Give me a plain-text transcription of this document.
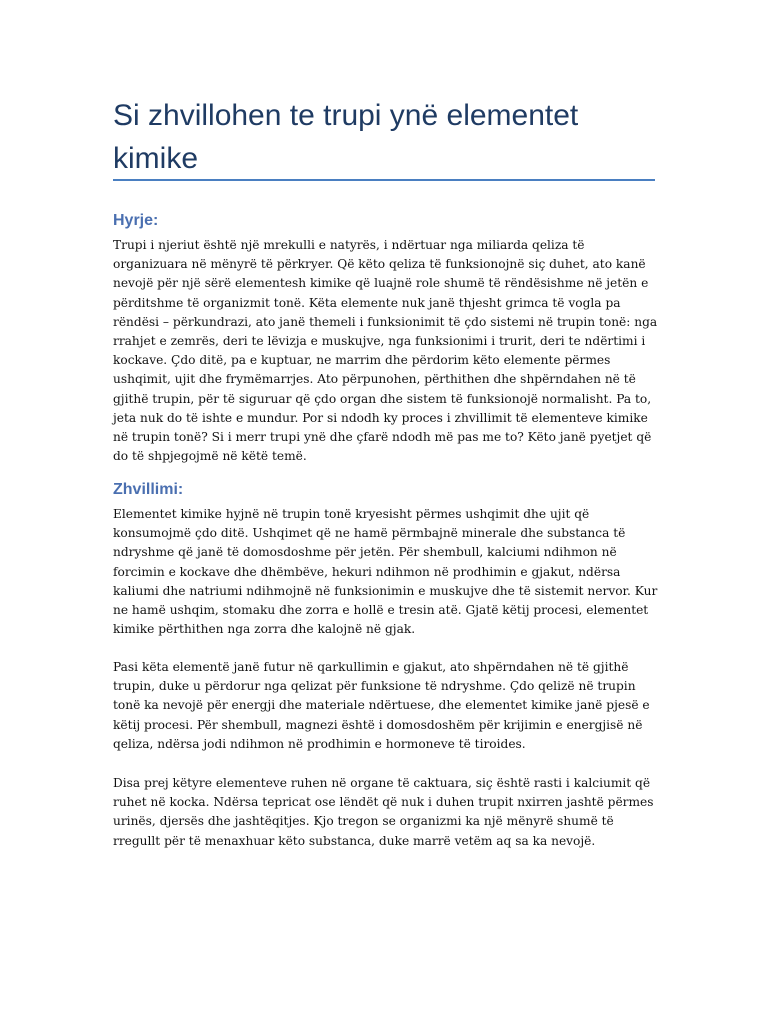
Si zhvillohen te trupi ynë elementet kimike
Hyrje:

Trupi i njeriut është një mrekulli e natyrës, i ndërtuar nga miliarda qeliza të organizuara në mënyrë të përkryer. Që këto qeliza të funksionojnë siç duhet, ato kanë nevojë për një sërë elementesh kimike që luajnë role shumë të rëndësishme në jetën e përditshme të organizmit tonë. Këta elemente nuk janë thjesht grimca të vogla pa rëndësi – përkundrazi, ato janë themeli i funksionimit të çdo sistemi në trupin tonë: nga rrahjet e zemrës, deri te lëvizja e muskujve, nga funksionimi i trurit, deri te ndërtimi i kockave. Çdo ditë, pa e kuptuar, ne marrim dhe përdorim këto elemente përmes ushqimit, ujit dhe frymëmarrjes. Ato përpunohen, përthithen dhe shpërndahen në të gjithë trupin, për të siguruar që çdo organ dhe sistem të funksionojë normalisht. Pa to, jeta nuk do të ishte e mundur. Por si ndodh ky proces i zhvillimit të elementeve kimike në trupin tonë? Si i merr trupi ynë dhe çfarë ndodh më pas me to? Këto janë pyetjet që do të shpjegojmë në këtë temë.

Zhvillimi:

Elementet kimike hyjnë në trupin tonë kryesisht përmes ushqimit dhe ujit që konsumojmë çdo ditë. Ushqimet që ne hamë përmbajnë minerale dhe substanca të ndryshme që janë të domosdoshme për jetën. Për shembull, kalciumi ndihmon në forcimin e kockave dhe dhëmbëve, hekuri ndihmon në prodhimin e gjakut, ndërsa kaliumi dhe natriumi ndihmojnë në funksionimin e muskujve dhe të sistemit nervor. Kur ne hamë ushqim, stomaku dhe zorra e hollë e tresin atë. Gjatë këtij procesi, elementet kimike përthithen nga zorra dhe kalojnë në gjak.

Pasi këta elementë janë futur në qarkullimin e gjakut, ato shpërndahen në të gjithë trupin, duke u përdorur nga qelizat për funksione të ndryshme. Çdo qelizë në trupin tonë ka nevojë për energji dhe materiale ndërtuese, dhe elementet kimike janë pjesë e këtij procesi. Për shembull, magnezi është i domosdoshëm për krijimin e energjisë në qeliza, ndërsa jodi ndihmon në prodhimin e hormoneve të tiroides.

Disa prej këtyre elementeve ruhen në organe të caktuara, siç është rasti i kalciumit që ruhet në kocka. Ndërsa tepricat ose lëndët që nuk i duhen trupit nxirren jashtë përmes urinës, djersës dhe jashtëqitjes. Kjo tregon se organizmi ka një mënyrë shumë të rregullt për të menaxhuar këto substanca, duke marrë vetëm aq sa ka nevojë.
